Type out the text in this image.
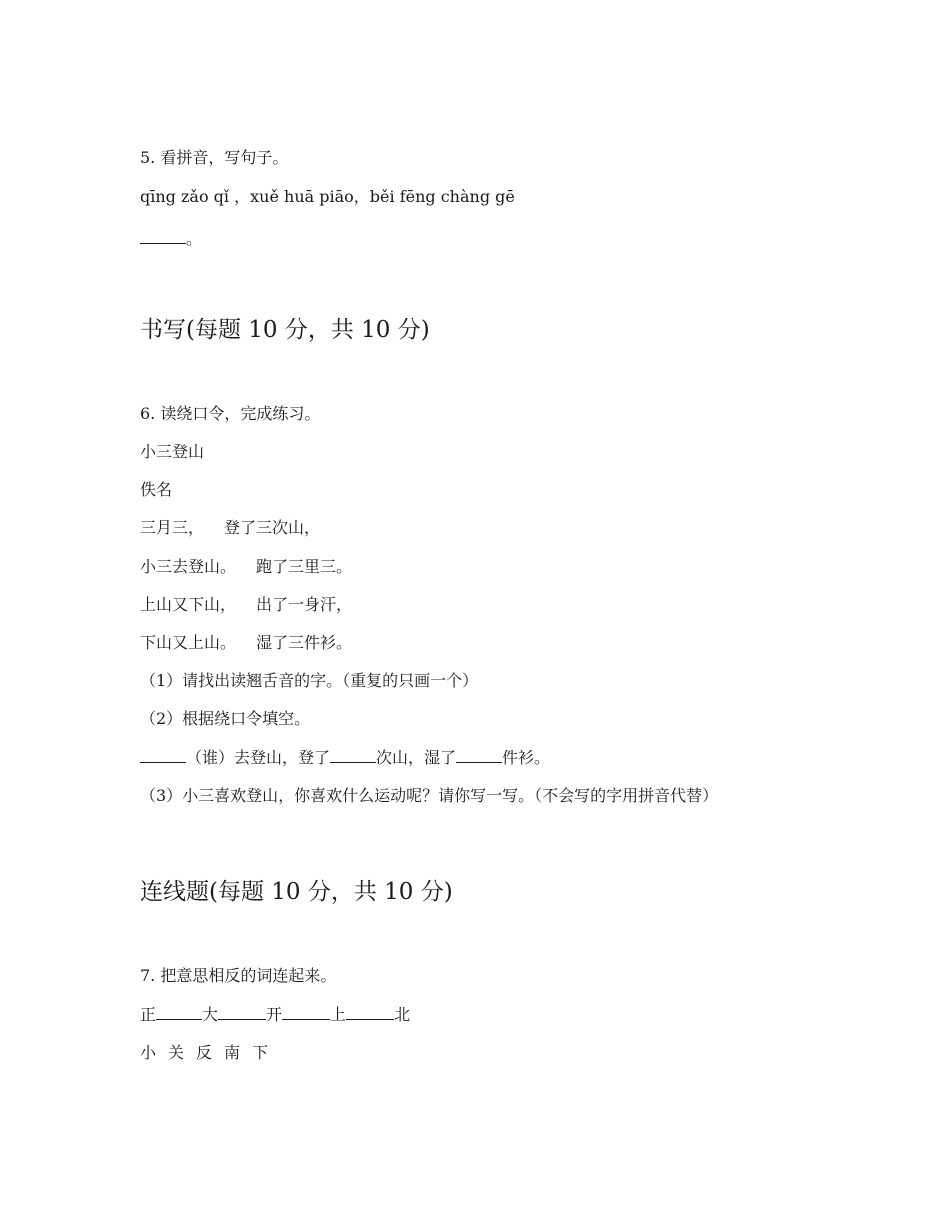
5. 看拼音，写句子。
qīng zǎo qǐ ，xuě huā piāo，běi fēng chàng gē
。
书写(每题 10 分，共 10 分)
6. 读绕口令，完成练习。
小三登山
佚名
三月三， 登了三次山，
小三去登山。 跑了三里三。
上山又下山， 出了一身汗，
下山又上山。 湿了三件衫。
（1）请找出读翘舌音的字。（重复的只画一个）
（2）根据绕口令填空。
（谁）去登山，登了	次山，湿了	件衫。
（3）小三喜欢登山，你喜欢什么运动呢？请你写一写。（不会写的字用拼音代替）
连线题(每题 10 分，共 10 分)
7. 把意思相反的词连起来。
正	大	开	上	北
小 关 反 南 下
